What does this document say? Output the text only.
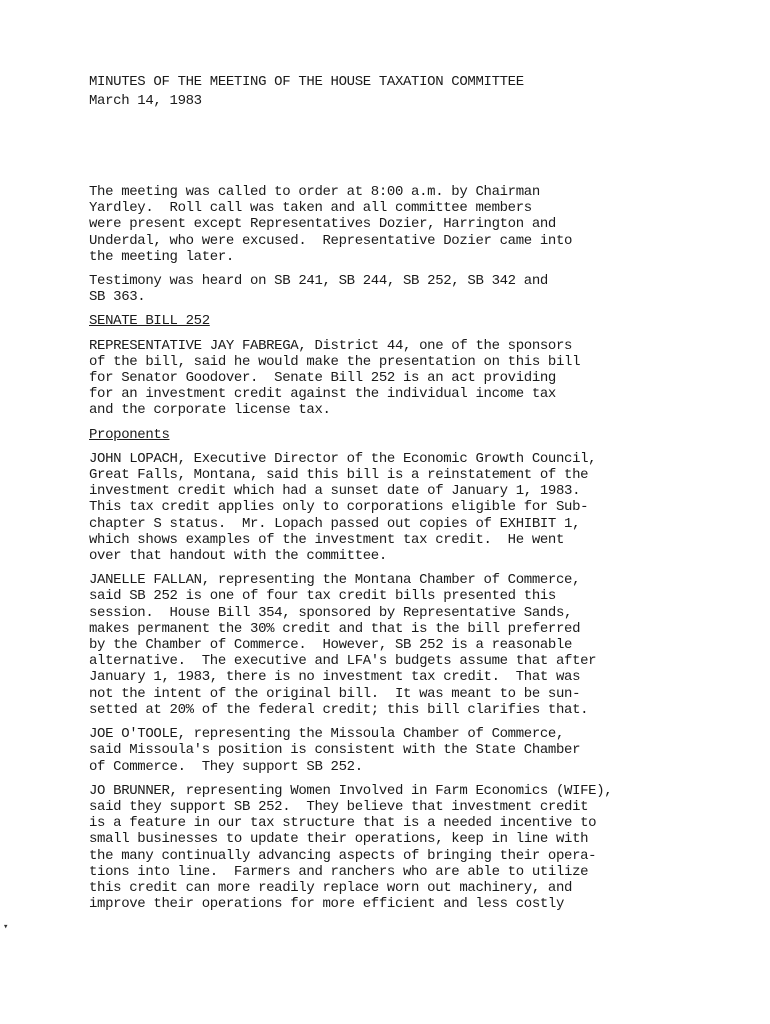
MINUTES OF THE MEETING OF THE HOUSE TAXATION COMMITTEE
March 14, 1983
The meeting was called to order at 8:00 a.m. by Chairman
Yardley.  Roll call was taken and all committee members
were present except Representatives Dozier, Harrington and
Underdal, who were excused.  Representative Dozier came into
the meeting later.
Testimony was heard on SB 241, SB 244, SB 252, SB 342 and
SB 363.
SENATE BILL 252
REPRESENTATIVE JAY FABREGA, District 44, one of the sponsors
of the bill, said he would make the presentation on this bill
for Senator Goodover.  Senate Bill 252 is an act providing
for an investment credit against the individual income tax
and the corporate license tax.
Proponents
JOHN LOPACH, Executive Director of the Economic Growth Council,
Great Falls, Montana, said this bill is a reinstatement of the
investment credit which had a sunset date of January 1, 1983.
This tax credit applies only to corporations eligible for Sub-
chapter S status.  Mr. Lopach passed out copies of EXHIBIT 1,
which shows examples of the investment tax credit.  He went
over that handout with the committee.
JANELLE FALLAN, representing the Montana Chamber of Commerce,
said SB 252 is one of four tax credit bills presented this
session.  House Bill 354, sponsored by Representative Sands,
makes permanent the 30% credit and that is the bill preferred
by the Chamber of Commerce.  However, SB 252 is a reasonable
alternative.  The executive and LFA's budgets assume that after
January 1, 1983, there is no investment tax credit.  That was
not the intent of the original bill.  It was meant to be sun-
setted at 20% of the federal credit; this bill clarifies that.
JOE O'TOOLE, representing the Missoula Chamber of Commerce,
said Missoula's position is consistent with the State Chamber
of Commerce.  They support SB 252.
JO BRUNNER, representing Women Involved in Farm Economics (WIFE),
said they support SB 252.  They believe that investment credit
is a feature in our tax structure that is a needed incentive to
small businesses to update their operations, keep in line with
the many continually advancing aspects of bringing their opera-
tions into line.  Farmers and ranchers who are able to utilize
this credit can more readily replace worn out machinery, and
improve their operations for more efficient and less costly
▾
